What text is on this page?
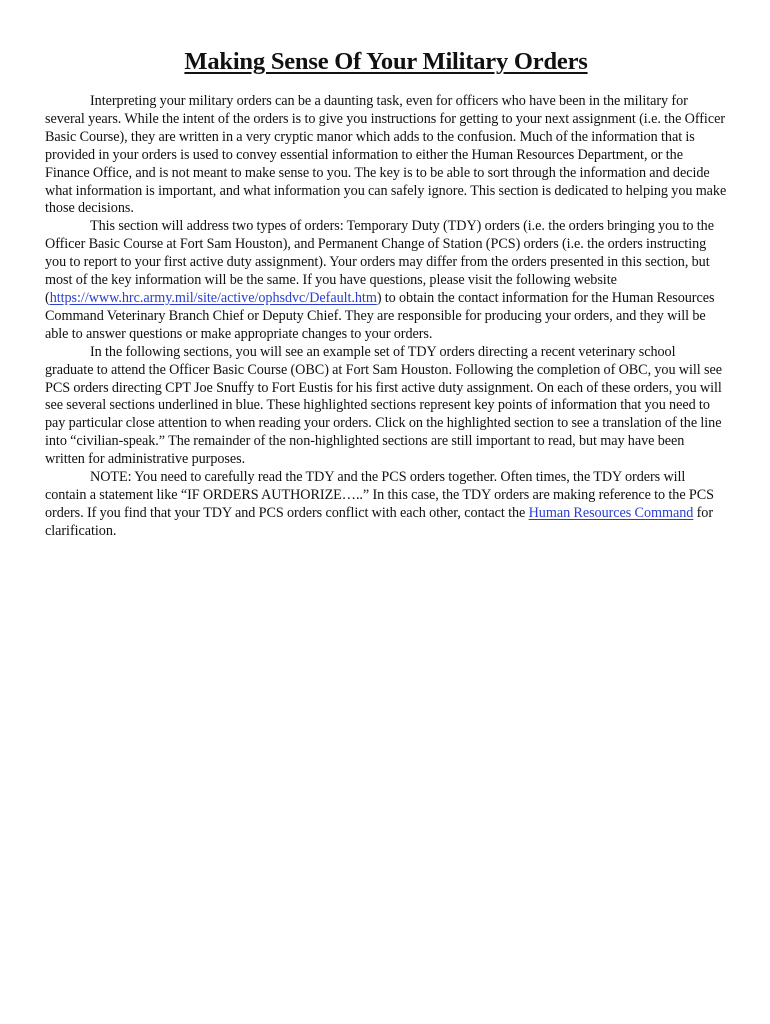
Making Sense Of Your Military Orders

Interpreting your military orders can be a daunting task, even for officers who have been in the military for several years. While the intent of the orders is to give you instructions for getting to your next assignment (i.e. the Officer Basic Course), they are written in a very cryptic manor which adds to the confusion. Much of the information that is provided in your orders is used to convey essential information to either the Human Resources Department, or the Finance Office, and is not meant to make sense to you. The key is to be able to sort through the information and decide what information is important, and what information you can safely ignore. This section is dedicated to helping you make those decisions.

This section will address two types of orders: Temporary Duty (TDY) orders (i.e. the orders bringing you to the Officer Basic Course at Fort Sam Houston), and Permanent Change of Station (PCS) orders (i.e. the orders instructing you to report to your first active duty assignment). Your orders may differ from the orders presented in this section, but most of the key information will be the same. If you have questions, please visit the following website (https://www.hrc.army.mil/site/active/ophsdvc/Default.htm) to obtain the contact information for the Human Resources Command Veterinary Branch Chief or Deputy Chief. They are responsible for producing your orders, and they will be able to answer questions or make appropriate changes to your orders.

In the following sections, you will see an example set of TDY orders directing a recent veterinary school graduate to attend the Officer Basic Course (OBC) at Fort Sam Houston. Following the completion of OBC, you will see PCS orders directing CPT Joe Snuffy to Fort Eustis for his first active duty assignment. On each of these orders, you will see several sections underlined in blue. These highlighted sections represent key points of information that you need to pay particular close attention to when reading your orders. Click on the highlighted section to see a translation of the line into “civilian-speak.” The remainder of the non-highlighted sections are still important to read, but may have been written for administrative purposes.

NOTE: You need to carefully read the TDY and the PCS orders together. Often times, the TDY orders will contain a statement like “IF ORDERS AUTHORIZE…..” In this case, the TDY orders are making reference to the PCS orders. If you find that your TDY and PCS orders conflict with each other, contact the Human Resources Command for clarification.
